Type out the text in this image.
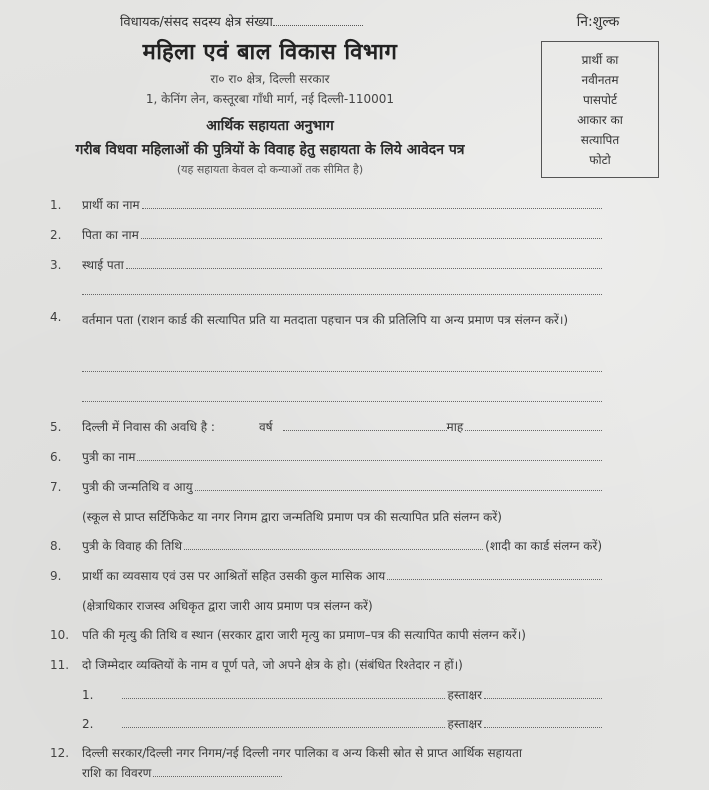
विधायक/संसद सदस्य क्षेत्र संख्या	नि:शुल्क
महिला एवं बाल विकास विभाग
रा० रा० क्षेत्र, दिल्ली सरकार
1, केनिंग लेन, कस्तूरबा गाँधी मार्ग, नई दिल्ली-110001
आर्थिक सहायता अनुभाग
गरीब विधवा महिलाओं की पुत्रियों के विवाह हेतु सहायता के लिये आवेदन पत्र
(यह सहायता केवल दो कन्याओं तक सीमित है)
प्रार्थी का
नवीनतम
पासपोर्ट
आकार का
सत्यापित
फोटो
1.	प्रार्थी का नाम
2.	पिता का नाम
3.	स्थाई पता
4.	वर्तमान पता (राशन कार्ड की सत्यापित प्रति या मतदाता पहचान पत्र की प्रतिलिपि या अन्य प्रमाण पत्र संलग्न करें।)
5.	दिल्ली में निवास की अवधि है :	वर्ष	माह
6.	पुत्री का नाम
7.	पुत्री की जन्मतिथि व आयु
(स्कूल से प्राप्त सर्टिफिकेट या नगर निगम द्वारा जन्मतिथि प्रमाण पत्र की सत्यापित प्रति संलग्न करें)
8.	पुत्री के विवाह की तिथि	(शादी का कार्ड संलग्न करें)
9.	प्रार्थी का व्यवसाय एवं उस पर आश्रितों सहित उसकी कुल मासिक आय
(क्षेत्राधिकार राजस्व अधिकृत द्वारा जारी आय प्रमाण पत्र संलग्न करें)
10.	पति की मृत्यु की तिथि व स्थान (सरकार द्वारा जारी मृत्यु का प्रमाण–पत्र की सत्यापित कापी संलग्न करें।)
11.	दो जिम्मेदार व्यक्तियों के नाम व पूर्ण पते, जो अपने क्षेत्र के हो। (संबंधित रिश्तेदार न हों।)
1.	हस्ताक्षर
2.	हस्ताक्षर
12.	दिल्ली सरकार/दिल्ली नगर निगम/नई दिल्ली नगर पालिका व अन्य किसी स्रोत से प्राप्त आर्थिक सहायता
राशि का विवरण
